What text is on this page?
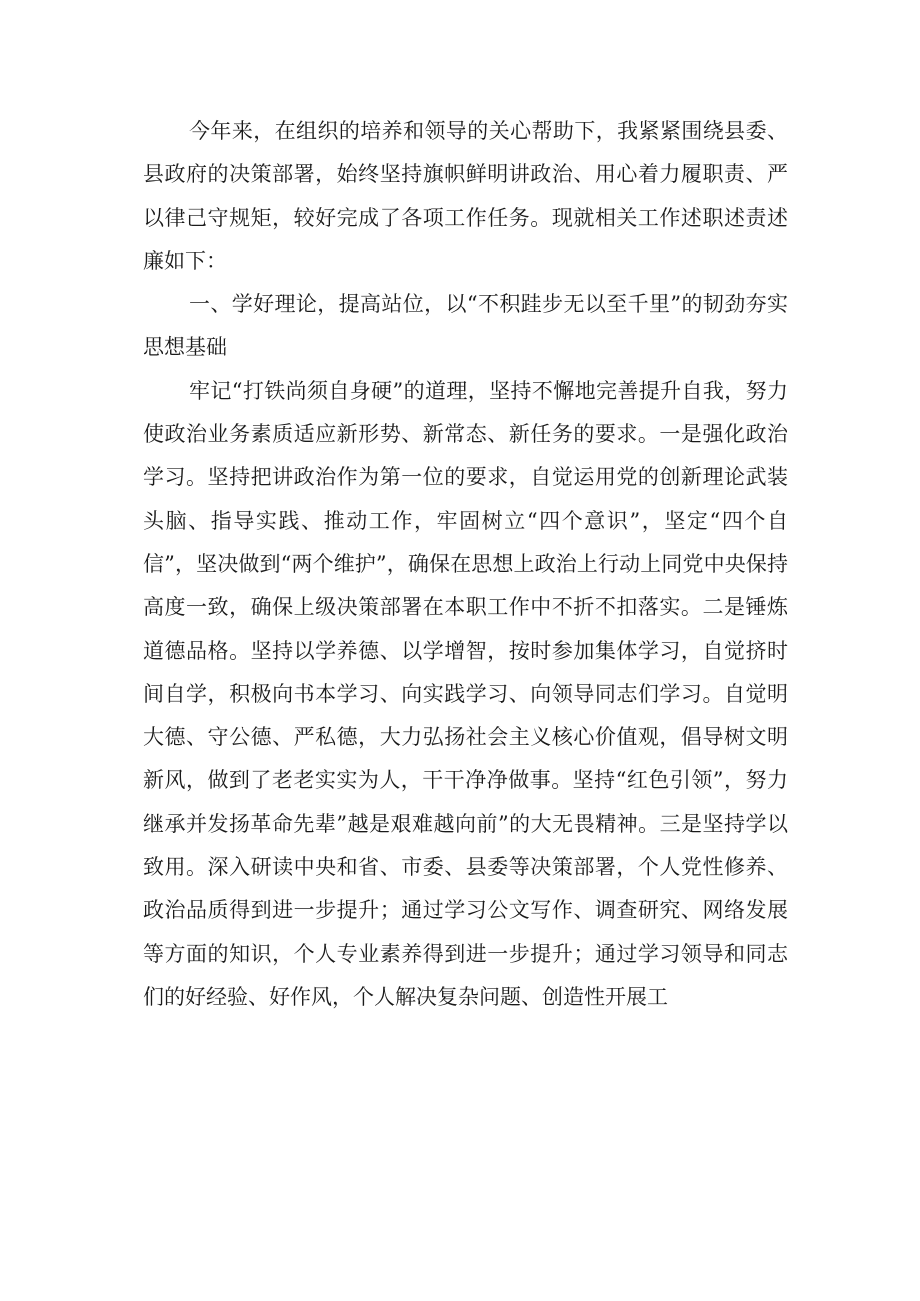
今年来，在组织的培养和领导的关心帮助下，我紧紧围绕县委、县政府的决策部署，始终坚持旗帜鲜明讲政治、用心着力履职责、严以律己守规矩，较好完成了各项工作任务。现就相关工作述职述责述廉如下：

一、学好理论，提高站位，以“不积跬步无以至千里”的韧劲夯实思想基础

牢记“打铁尚须自身硬”的道理，坚持不懈地完善提升自我，努力使政治业务素质适应新形势、新常态、新任务的要求。一是强化政治学习。坚持把讲政治作为第一位的要求，自觉运用党的创新理论武装头脑、指导实践、推动工作，牢固树立“四个意识”，坚定“四个自信”，坚决做到“两个维护”，确保在思想上政治上行动上同党中央保持高度一致，确保上级决策部署在本职工作中不折不扣落实。二是锤炼道德品格。坚持以学养德、以学增智，按时参加集体学习，自觉挤时间自学，积极向书本学习、向实践学习、向领导同志们学习。自觉明大德、守公德、严私德，大力弘扬社会主义核心价值观，倡导树文明新风，做到了老老实实为人，干干净净做事。坚持“红色引领”，努力继承并发扬革命先辈”越是艰难越向前”的大无畏精神。三是坚持学以致用。深入研读中央和省、市委、县委等决策部署，个人党性修养、政治品质得到进一步提升；通过学习公文写作、调查研究、网络发展等方面的知识，个人专业素养得到进一步提升；通过学习领导和同志们的好经验、好作风，个人解决复杂问题、创造性开展工
